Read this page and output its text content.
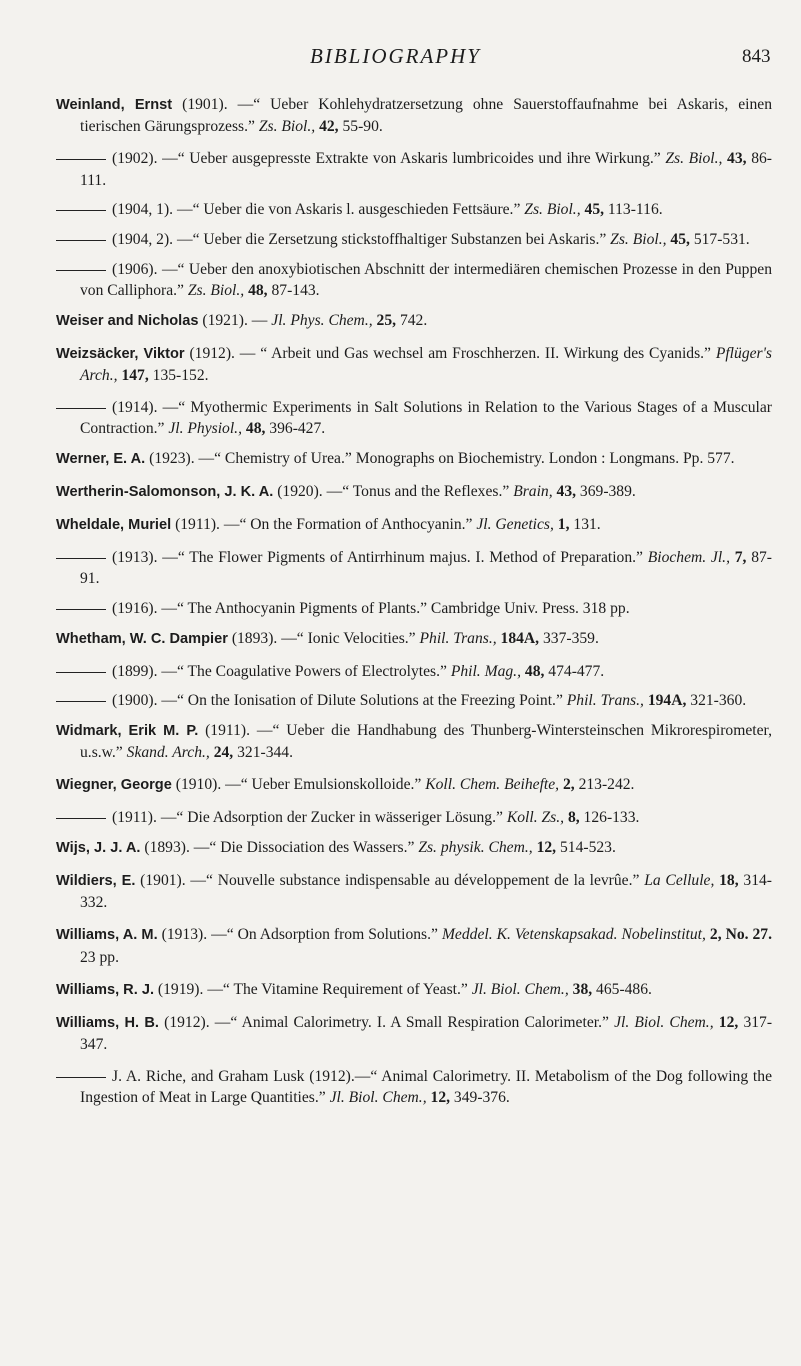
BIBLIOGRAPHY	843
Weinland, Ernst (1901). —“ Ueber Kohlehydratzersetzung ohne Sauerstoffaufnahme bei Askaris, einen tierischen Gärungsprozess.” Zs. Biol., 42, 55-90.
(1902). —“ Ueber ausgepresste Extrakte von Askaris lumbricoides und ihre Wirkung.” Zs. Biol., 43, 86-111.
(1904, 1). —“ Ueber die von Askaris l. ausgeschieden Fettsäure.” Zs. Biol., 45, 113-116.
(1904, 2). —“ Ueber die Zersetzung stickstoffhaltiger Substanzen bei Askaris.” Zs. Biol., 45, 517-531.
(1906). —“ Ueber den anoxybiotischen Abschnitt der intermediären chemischen Prozesse in den Puppen von Calliphora.” Zs. Biol., 48, 87-143.
Weiser and Nicholas (1921). — Jl. Phys. Chem., 25, 742.
Weizsäcker, Viktor (1912). — “ Arbeit und Gas wechsel am Froschherzen. II. Wirkung des Cyanids.” Pflüger's Arch., 147, 135-152.
(1914). —“ Myothermic Experiments in Salt Solutions in Relation to the Various Stages of a Muscular Contraction.” Jl. Physiol., 48, 396-427.
Werner, E. A. (1923). —“ Chemistry of Urea.” Monographs on Biochemistry. London : Longmans. Pp. 577.
Wertherin-Salomonson, J. K. A. (1920). —“ Tonus and the Reflexes.” Brain, 43, 369-389.
Wheldale, Muriel (1911). —“ On the Formation of Anthocyanin.” Jl. Genetics, 1, 131.
(1913). —“ The Flower Pigments of Antirrhinum majus. I. Method of Preparation.” Biochem. Jl., 7, 87-91.
(1916). —“ The Anthocyanin Pigments of Plants.” Cambridge Univ. Press. 318 pp.
Whetham, W. C. Dampier (1893). —“ Ionic Velocities.” Phil. Trans., 184A, 337-359.
(1899). —“ The Coagulative Powers of Electrolytes.” Phil. Mag., 48, 474-477.
(1900). —“ On the Ionisation of Dilute Solutions at the Freezing Point.” Phil. Trans., 194A, 321-360.
Widmark, Erik M. P. (1911). —“ Ueber die Handhabung des Thunberg-Wintersteinschen Mikrorespirometer, u.s.w.” Skand. Arch., 24, 321-344.
Wiegner, George (1910). —“ Ueber Emulsionskolloide.” Koll. Chem. Beihefte, 2, 213-242.
(1911). —“ Die Adsorption der Zucker in wässeriger Lösung.” Koll. Zs., 8, 126-133.
Wijs, J. J. A. (1893). —“ Die Dissociation des Wassers.” Zs. physik. Chem., 12, 514-523.
Wildiers, E. (1901). —“ Nouvelle substance indispensable au développement de la levrûe.” La Cellule, 18, 314-332.
Williams, A. M. (1913). —“ On Adsorption from Solutions.” Meddel. K. Vetenskapsakad. Nobelinstitut, 2, No. 27. 23 pp.
Williams, R. J. (1919). —“ The Vitamine Requirement of Yeast.” Jl. Biol. Chem., 38, 465-486.
Williams, H. B. (1912). —“ Animal Calorimetry. I. A Small Respiration Calorimeter.” Jl. Biol. Chem., 12, 317-347.
J. A. Riche, and Graham Lusk (1912).—“ Animal Calorimetry. II. Metabolism of the Dog following the Ingestion of Meat in Large Quantities.” Jl. Biol. Chem., 12, 349-376.
